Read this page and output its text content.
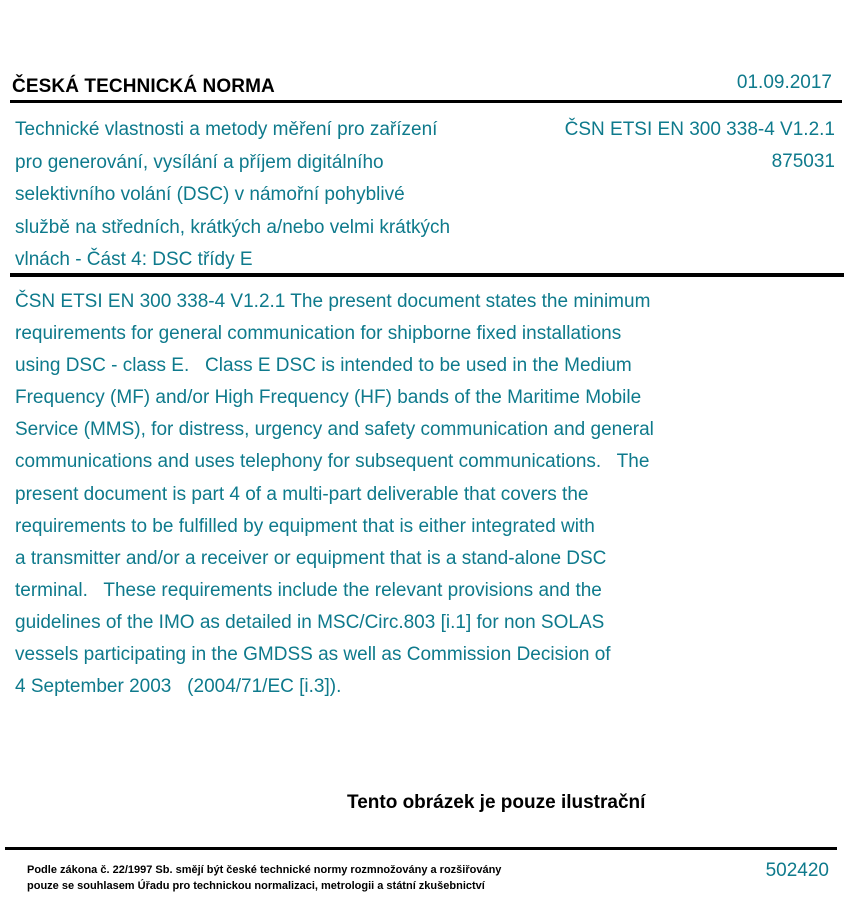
ČESKÁ TECHNICKÁ NORMA	01.09.2017
Technické vlastnosti a metody měření pro zařízení
pro generování, vysílání a příjem digitálního
selektivního volání (DSC) v námořní pohyblivé
službě na středních, krátkých a/nebo velmi krátkých
vlnách - Část 4: DSC třídy E
ČSN ETSI EN 300 338-4 V1.2.1
875031
ČSN ETSI EN 300 338-4 V1.2.1 The present document states the minimum
requirements for general communication for shipborne fixed installations
using DSC - class E.   Class E DSC is intended to be used in the Medium
Frequency (MF) and/or High Frequency (HF) bands of the Maritime Mobile
Service (MMS), for distress, urgency and safety communication and general
communications and uses telephony for subsequent communications.   The
present document is part 4 of a multi-part deliverable that covers the
requirements to be fulfilled by equipment that is either integrated with
a transmitter and/or a receiver or equipment that is a stand-alone DSC
terminal.   These requirements include the relevant provisions and the
guidelines of the IMO as detailed in MSC/Circ.803 [i.1] for non SOLAS
vessels participating in the GMDSS as well as Commission Decision of
4 September 2003   (2004/71/EC [i.3]).
Tento obrázek je pouze ilustrační
Podle zákona č. 22/1997 Sb. smějí být české technické normy rozmnožovány a rozšiřovány
pouze se souhlasem Úřadu pro technickou normalizaci, metrologii a státní zkušebnictví
502420
